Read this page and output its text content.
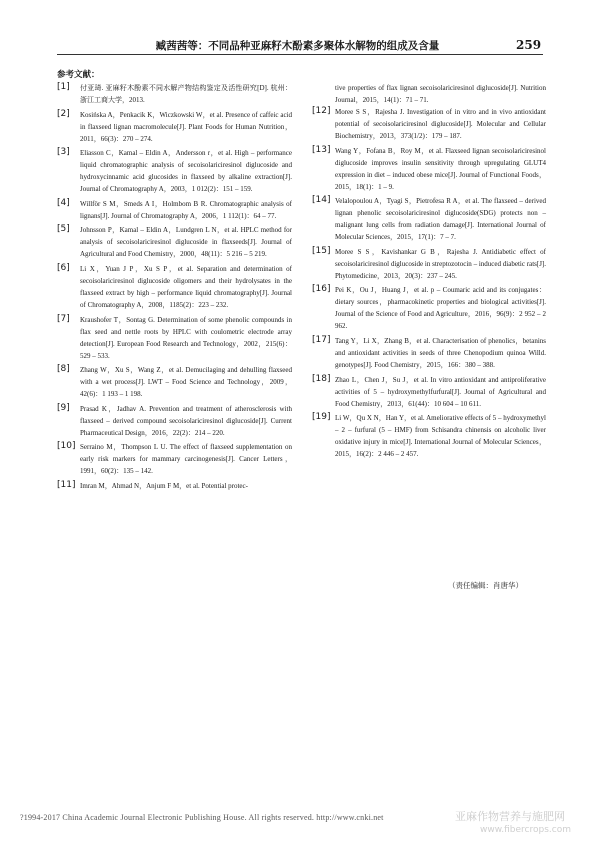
臧茜茜等：不同品种亚麻籽木酚素多聚体水解物的组成及含量	259
参考文献：
[1]	付亚琦. 亚麻籽木酚素不同水解产物结构鉴定及活性研究[D]. 杭州：浙江工商大学，2013.
[2]	Kosińska A，Penkacik K，Wiczkowski W，et al. Presence of caffeic acid in flaxseed lignan macromolecule[J]. Plant Foods for Human Nutrition，2011，66(3)：270 – 274.
[3]	Eliasson C，Kamal – Eldin A，Andersson r，et al. High – performance liquid chromatographic analysis of secoisolariciresinol diglucoside and hydroxycinnamic acid glucosides in flaxseed by alkaline extraction[J]. Journal of Chromatography A，2003，1 012(2)：151 – 159.
[4]	Willför S M，Smeds A I，Holmbom B R. Chromatographic analysis of lignans[J]. Journal of Chromatography A，2006，1 112(1)：64 – 77.
[5]	Johnsson P，Kamal – Eldin A，Lundgren L N，et al. HPLC method for analysis of secoisolariciresinol diglucoside in flaxseeds[J]. Journal of Agricultural and Food Chemistry，2000，48(11)：5 216 – 5 219.
[6]	Li X，Yuan J P，Xu S P，et al. Separation and determination of secoisolariciresinol diglucoside oligomers and their hydrolysates in the flaxseed extract by high – performance liquid chromatography[J]. Journal of Chromatography A，2008，1185(2)：223 – 232.
[7]	Kraushofer T，Sontag G. Determination of some phenolic compounds in flax seed and nettle roots by HPLC with coulometric electrode array detection[J]. European Food Research and Technology，2002，215(6)：529 – 533.
[8]	Zhang W，Xu S，Wang Z，et al. Demucilaging and dehulling flaxseed with a wet process[J]. LWT – Food Science and Technology，2009，42(6)：1 193 – 1 198.
[9]	Prasad K，Jadhav A. Prevention and treatment of atherosclerosis with flaxseed – derived compound secoisolariciresinol diglucoside[J]. Current Pharmaceutical Design，2016，22(2)：214 – 220.
[10] Serraino M，Thompson L U. The effect of flaxseed supplementation on early risk markers for mammary carcinogenesis[J]. Cancer Letters，1991，60(2)：135 – 142.
[11] Imran M，Ahmad N，Anjum F M，et al. Potential protec-
tive properties of flax lignan secoisolariciresinol diglucoside[J]. Nutrition Journal，2015，14(1)：71 – 71.
[12] Moree S S，Rajesha J. Investigation of in vitro and in vivo antioxidant potential of secoisolariciresinol diglucoside[J]. Molecular and Cellular Biochemistry，2013，373(1/2)：179 – 187.
[13] Wang Y，Fofana B，Roy M，et al. Flaxseed lignan secoisolariciresinol diglucoside improves insulin sensitivity through upregulating GLUT4 expression in diet – induced obese mice[J]. Journal of Functional Foods，2015，18(1)：1 – 9.
[14] Velalopoulou A，Tyagi S，Pietrofesa R A，et al. The flaxseed – derived lignan phenolic secoisolariciresinol diglucoside(SDG) protects non – malignant lung cells from radiation damage[J]. International Journal of Molecular Sciences，2015，17(1)：7 – 7.
[15] Moree S S，Kavishankar G B，Rajesha J. Antidiabetic effect of secoisolariciresinol diglucoside in streptozotocin – induced diabetic rats[J]. Phytomedicine，2013，20(3)：237 – 245.
[16] Pei K，Ou J，Huang J，et al. p – Coumaric acid and its conjugates：dietary sources，pharmacokinetic properties and biological activities[J]. Journal of the Science of Food and Agriculture，2016，96(9)：2 952 – 2 962.
[17] Tang Y，Li X，Zhang B，et al. Characterisation of phenolics，betanins and antioxidant activities in seeds of three Chenopodium quinoa Willd. genotypes[J]. Food Chemistry，2015，166：380 – 388.
[18] Zhao L，Chen J，Su J，et al. In vitro antioxidant and antiproliferative activities of 5 – hydroxymethylfurfural[J]. Journal of Agricultural and Food Chemistry，2013，61(44)：10 604 – 10 611.
[19] Li W，Qu X N，Han Y，et al. Ameliorative effects of 5 – hydroxymethyl – 2 – furfural (5 – HMF) from Schisandra chinensis on alcoholic liver oxidative injury in mice[J]. International Journal of Molecular Sciences，2015，16(2)：2 446 – 2 457.
（责任编辑：肖唐华）
?1994-2017 China Academic Journal Electronic Publishing House. All rights reserved. http://www.cnki.net	亚麻作物营养与施肥网
www.fibercrops.com
